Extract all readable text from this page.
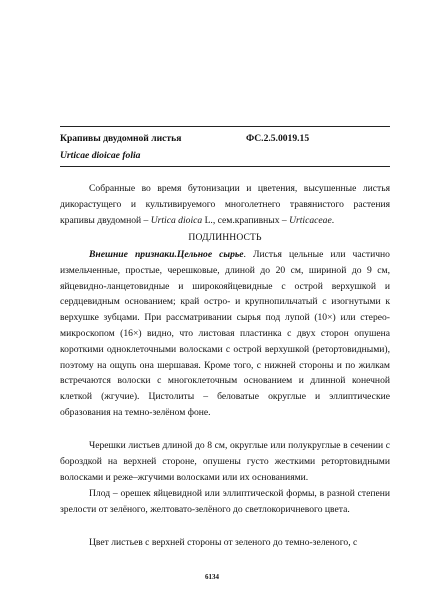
Крапивы двудомной листья	ФС.2.5.0019.15
Urticae dioicae folia

Собранные во время бутонизации и цветения, высушенные листья дикорастущего и культивируемого многолетнего травянистого растения крапивы двудомной – Urtica dioica L., сем.крапивных – Urticaceae.

ПОДЛИННОСТЬ

Внешние признаки.Цельное сырье. Листья цельные или частично измельченные, простые, черешковые, длиной до 20 см, шириной до 9 см, яйцевидно-ланцетовидные и широкояйцевидные с острой верхушкой и сердцевидным основанием; край остро- и крупнопильчатый с изогнутыми к верхушке зубцами. При рассматривании сырья под лупой (10×) или стерео-микроскопом (16×) видно, что листовая пластинка с двух сторон опушена короткими одноклеточными волосками с острой верхушкой (ретортовидными), поэтому на ощупь она шершавая. Кроме того, с нижней стороны и по жилкам встречаются волоски с многоклеточным основанием и длинной конечной клеткой (жгучие). Цистолиты – беловатые округлые и эллиптические образования на темно-зелёном фоне.

Черешки листьев длиной до 8 см, округлые или полукруглые в сечении с бороздкой на верхней стороне, опушены густо жесткими ретортовидными волосками и реже–жгучими волосками или их основаниями.

Плод – орешек яйцевидной или эллиптической формы, в разной степени зрелости от зелёного, желтовато-зелёного до светлокоричневого цвета.

Цвет листьев с верхней стороны от зеленого до темно-зеленого, с

6134
